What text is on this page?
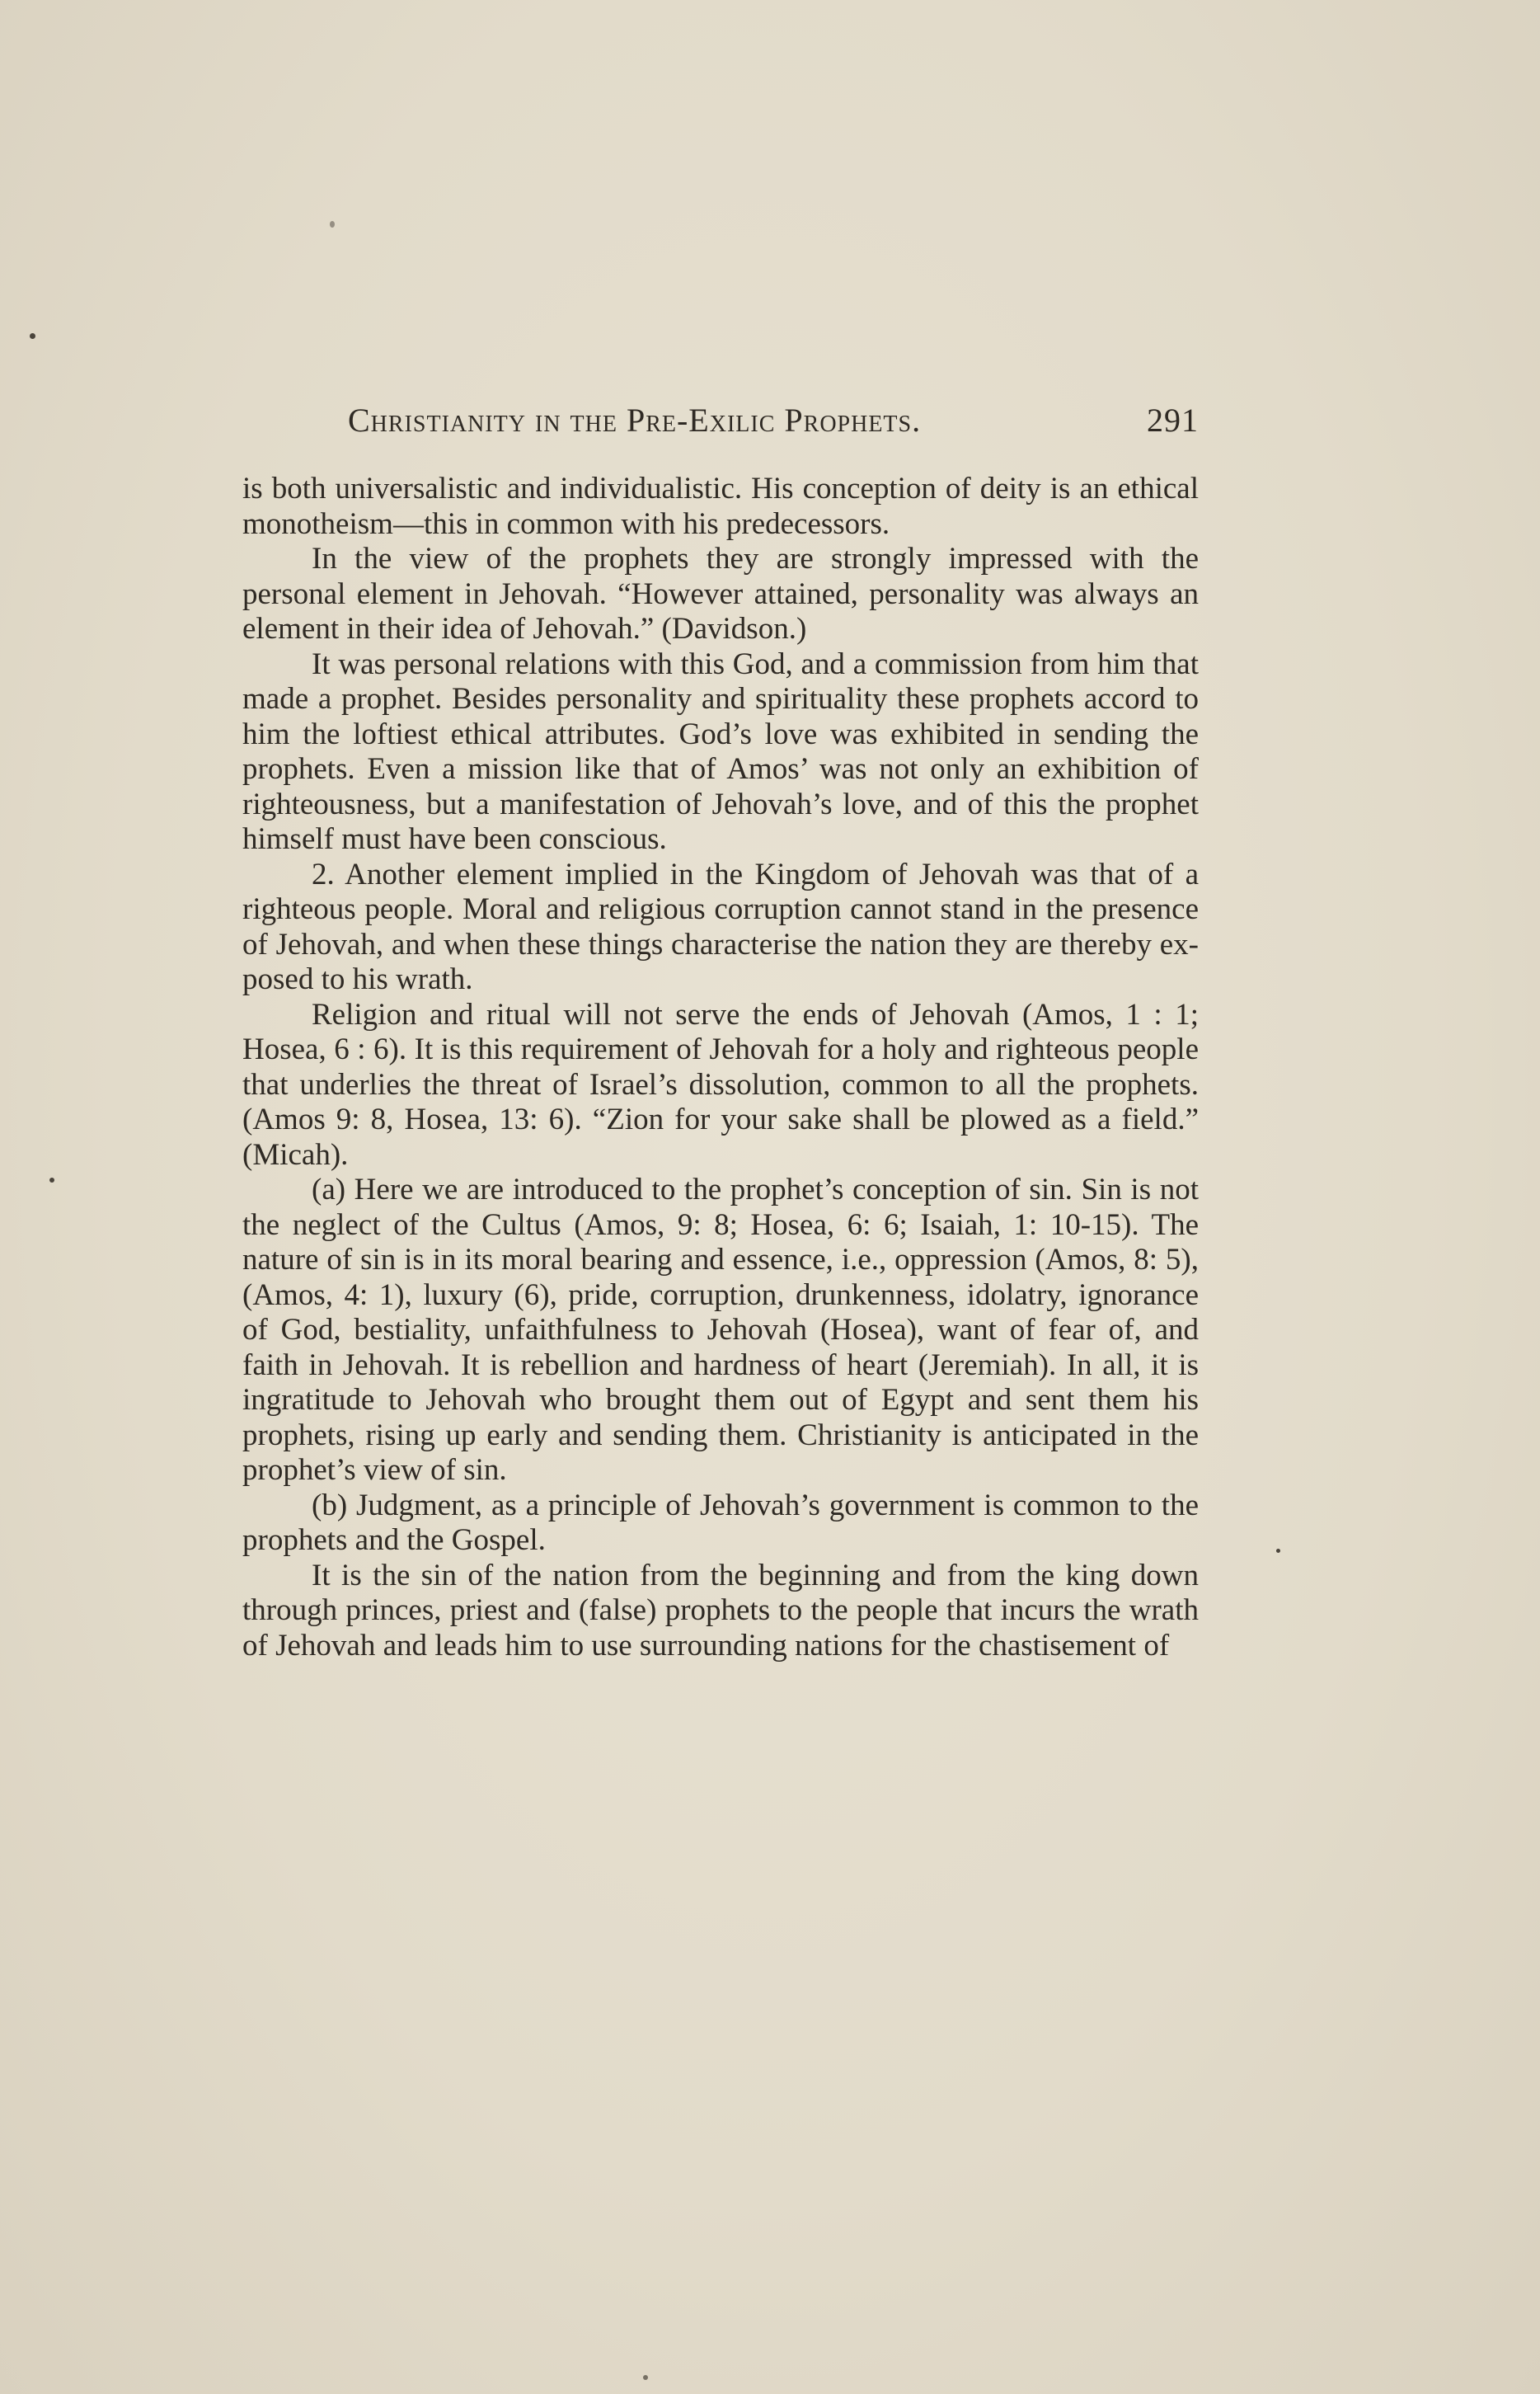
Christianity in the Pre-Exilic Prophets.	291

is both universalistic and individualistic. His conception of deity is an ethical monotheism—this in common with his predecessors.

In the view of the prophets they are strongly impressed with the personal element in Jehovah. “However attained, personality was always an element in their idea of Jehovah.” (Davidson.)

It was personal relations with this God, and a commission from him that made a prophet. Besides personality and spirituality these prophets accord to him the loftiest ethical attributes. God’s love was exhibited in sending the prophets. Even a mission like that of Amos’ was not only an exhibition of righteousness, but a manifestation of Jehovah’s love, and of this the prophet himself must have been conscious.

2. Another element implied in the Kingdom of Jehovah was that of a righteous people. Moral and religious corruption cannot stand in the presence of Jehovah, and when these things characterise the nation they are thereby exposed to his wrath.

Religion and ritual will not serve the ends of Jehovah (Amos, 1 : 1; Hosea, 6 : 6). It is this requirement of Jehovah for a holy and righteous people that underlies the threat of Israel’s dissolution, common to all the prophets. (Amos 9: 8, Hosea, 13: 6). “Zion for your sake shall be plowed as a field.” (Micah).

(a) Here we are introduced to the prophet’s conception of sin. Sin is not the neglect of the Cultus (Amos, 9: 8; Hosea, 6: 6; Isaiah, 1: 10-15). The nature of sin is in its moral bearing and essence, i.e., oppression (Amos, 8: 5), (Amos, 4: 1), luxury (6), pride, corruption, drunkenness, idolatry, ignorance of God, bestiality, unfaithfulness to Jehovah (Hosea), want of fear of, and faith in Jehovah. It is rebellion and hardness of heart (Jeremiah). In all, it is ingratitude to Jehovah who brought them out of Egypt and sent them his prophets, rising up early and sending them. Christianity is anticipated in the prophet’s view of sin.

(b) Judgment, as a principle of Jehovah’s government is common to the prophets and the Gospel.

It is the sin of the nation from the beginning and from the king down through princes, priest and (false) prophets to the people that incurs the wrath of Jehovah and leads him to use surrounding nations for the chastisement of
